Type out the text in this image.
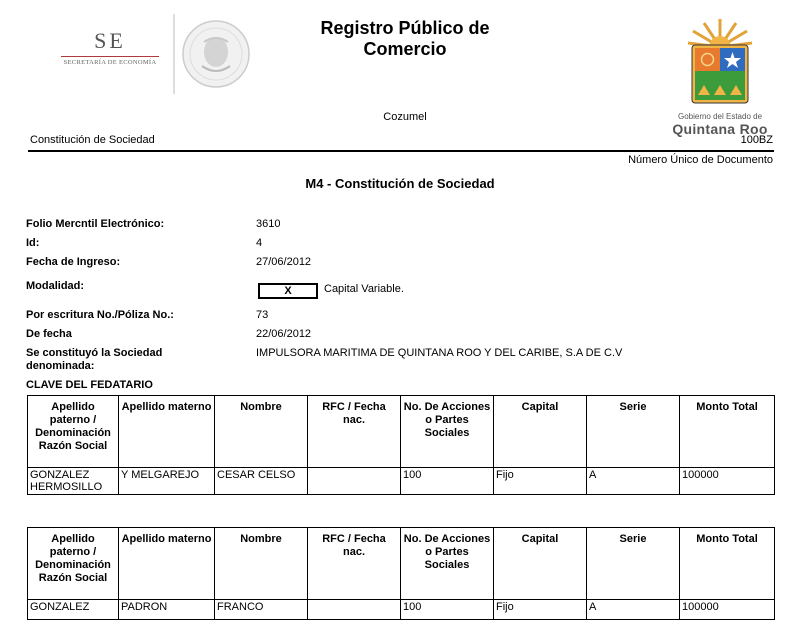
SE
SECRETARÍA DE ECONOMÍA
Registro Público de Comercio
Cozumel	Gobierno del Estado de
Quintana Roo
Constitución de Sociedad	100BZ
Número Único de Documento
M4 - Constitución de Sociedad
Folio Mercntil Electrónico:	3610
Id:	4
Fecha de Ingreso:	27/06/2012
Modalidad:	X	Capital Variable.
Por escritura No./Póliza No.:	73
De fecha	22/06/2012
Se constituyó la Sociedad
denominada:
IMPULSORA MARITIMA DE QUINTANA ROO Y DEL CARIBE, S.A DE C.V
CLAVE DEL FEDATARIO
Apellido paterno / Denominación Razón Social	Apellido materno	Nombre	RFC / Fecha nac.	No. De Acciones o Partes Sociales	Capital	Serie	Monto Total
GONZALEZ HERMOSILLO	Y MELGAREJO	CESAR CELSO		100	Fijo	A	100000
Apellido paterno / Denominación Razón Social	Apellido materno	Nombre	RFC / Fecha nac.	No. De Acciones o Partes Sociales	Capital	Serie	Monto Total
GONZALEZ	PADRON	FRANCO		100	Fijo	A	100000
